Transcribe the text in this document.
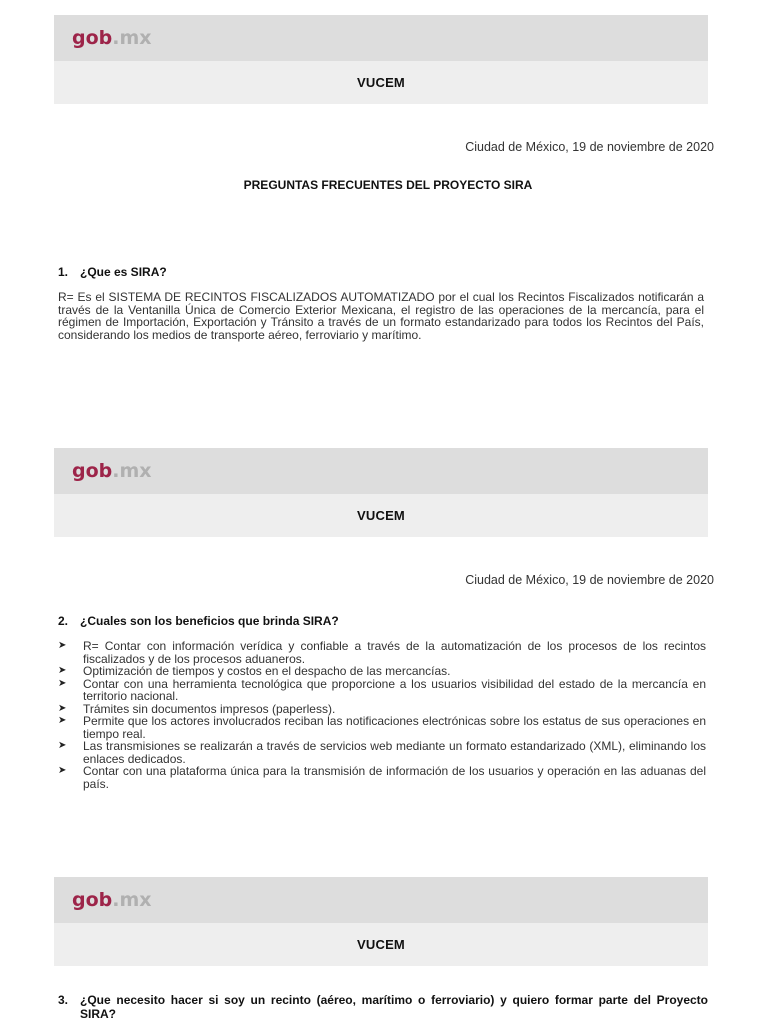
gob.mx
VUCEM
Ciudad de México, 19 de noviembre de 2020
PREGUNTAS FRECUENTES DEL PROYECTO SIRA
1. ¿Que es SIRA?
R= Es el SISTEMA DE RECINTOS FISCALIZADOS AUTOMATIZADO por el cual los Recintos Fiscalizados notificarán a través de la Ventanilla Única de Comercio Exterior Mexicana, el registro de las operaciones de la mercancía, para el régimen de Importación, Exportación y Tránsito a través de un formato estandarizado para todos los Recintos del País, considerando los medios de transporte aéreo, ferroviario y marítimo.
gob.mx
VUCEM
Ciudad de México, 19 de noviembre de 2020
2. ¿Cuales son los beneficios que brinda SIRA?
➤	R= Contar con información verídica y confiable a través de la automatización de los procesos de los recintos fiscalizados y de los procesos aduaneros.
➤	Optimización de tiempos y costos en el despacho de las mercancías.
➤	Contar con una herramienta tecnológica que proporcione a los usuarios visibilidad del estado de la mercancía en territorio nacional.
➤	Trámites sin documentos impresos (paperless).
➤	Permite que los actores involucrados reciban las notificaciones electrónicas sobre los estatus de sus operaciones en tiempo real.
➤	Las transmisiones se realizarán a través de servicios web mediante un formato estandarizado (XML), eliminando los enlaces dedicados.
➤	Contar con una plataforma única para la transmisión de información de los usuarios y operación en las aduanas del país.
gob.mx
VUCEM
3. ¿Que necesito hacer si soy un recinto (aéreo, marítimo o ferroviario) y quiero formar parte del Proyecto SIRA?
